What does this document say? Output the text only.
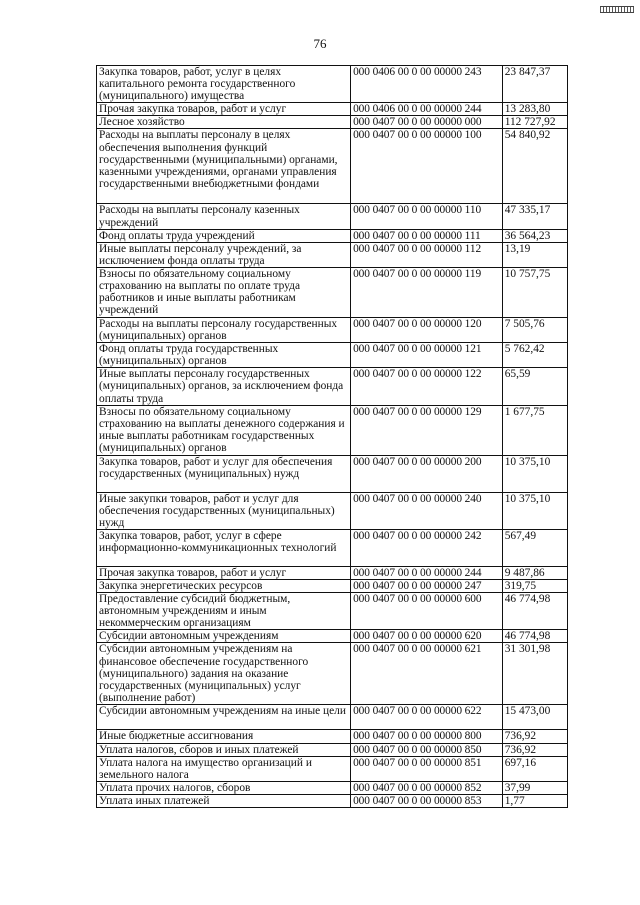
76
Закупка товаров, работ, услуг в целях капитального ремонта государственного (муниципального) имущества	000 0406 00 0 00 00000 243	23 847,37
Прочая закупка товаров, работ и услуг	000 0406 00 0 00 00000 244	13 283,80
Лесное хозяйство	000 0407 00 0 00 00000 000	112 727,92
Расходы на выплаты персоналу в целях обеспечения выполнения функций государственными (муниципальными) органами, казенными учреждениями, органами управления государственными внебюджетными фондами	000 0407 00 0 00 00000 100	54 840,92
Расходы на выплаты персоналу казенных учреждений	000 0407 00 0 00 00000 110	47 335,17
Фонд оплаты труда учреждений	000 0407 00 0 00 00000 111	36 564,23
Иные выплаты персоналу учреждений, за исключением фонда оплаты труда	000 0407 00 0 00 00000 112	13,19
Взносы по обязательному социальному страхованию на выплаты по оплате труда работников и иные выплаты работникам учреждений	000 0407 00 0 00 00000 119	10 757,75
Расходы на выплаты персоналу государственных (муниципальных) органов	000 0407 00 0 00 00000 120	7 505,76
Фонд оплаты труда государственных (муниципальных) органов	000 0407 00 0 00 00000 121	5 762,42
Иные выплаты персоналу государственных (муниципальных) органов, за исключением фонда оплаты труда	000 0407 00 0 00 00000 122	65,59
Взносы по обязательному социальному страхованию на выплаты денежного содержания и иные выплаты работникам государственных (муниципальных) органов	000 0407 00 0 00 00000 129	1 677,75
Закупка товаров, работ и услуг для обеспечения государственных (муниципальных) нужд	000 0407 00 0 00 00000 200	10 375,10
Иные закупки товаров, работ и услуг для обеспечения государственных (муниципальных) нужд	000 0407 00 0 00 00000 240	10 375,10
Закупка товаров, работ, услуг в сфере информационно-коммуникационных технологий	000 0407 00 0 00 00000 242	567,49
Прочая закупка товаров, работ и услуг	000 0407 00 0 00 00000 244	9 487,86
Закупка энергетических ресурсов	000 0407 00 0 00 00000 247	319,75
Предоставление субсидий бюджетным, автономным учреждениям и иным некоммерческим организациям	000 0407 00 0 00 00000 600	46 774,98
Субсидии автономным учреждениям	000 0407 00 0 00 00000 620	46 774,98
Субсидии автономным учреждениям на финансовое обеспечение государственного (муниципального) задания на оказание государственных (муниципальных) услуг (выполнение работ)	000 0407 00 0 00 00000 621	31 301,98
Субсидии автономным учреждениям на иные цели	000 0407 00 0 00 00000 622	15 473,00
Иные бюджетные ассигнования	000 0407 00 0 00 00000 800	736,92
Уплата налогов, сборов и иных платежей	000 0407 00 0 00 00000 850	736,92
Уплата налога на имущество организаций и земельного налога	000 0407 00 0 00 00000 851	697,16
Уплата прочих налогов, сборов	000 0407 00 0 00 00000 852	37,99
Уплата иных платежей	000 0407 00 0 00 00000 853	1,77
